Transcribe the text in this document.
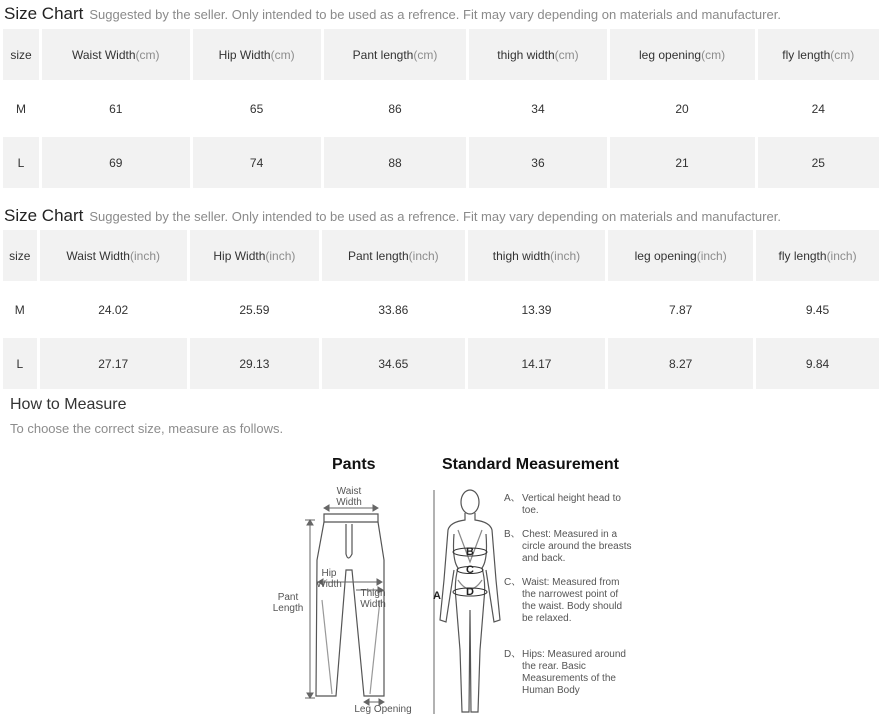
Size Chart Suggested by the seller. Only intended to be used as a refrence. Fit may vary depending on materials and manufacturer.
size	Waist Width(cm)	Hip Width(cm)	Pant length(cm)	thigh width(cm)	leg opening(cm)	fly length(cm)
M	61	65	86	34	20	24
L	69	74	88	36	21	25
Size Chart Suggested by the seller. Only intended to be used as a refrence. Fit may vary depending on materials and manufacturer.
size	Waist Width(inch)	Hip Width(inch)	Pant length(inch)	thigh width(inch)	leg opening(inch)	fly length(inch)
M	24.02	25.59	33.86	13.39	7.87	9.45
L	27.17	29.13	34.65	14.17	8.27	9.84
How to Measure
To choose the correct size, measure as follows.
Pants	Standard Measurement
Waist Width
Hip Width
Thigh Width
Pant Length
Leg Opening
A
B
C
D
A、 Vertical height head to toe.
B、 Chest: Measured in a circle around the breasts and back.
C、 Waist: Measured from the narrowest point of the waist. Body should be relaxed.
D、 Hips: Measured around the rear. Basic Measurements of the Human Body
